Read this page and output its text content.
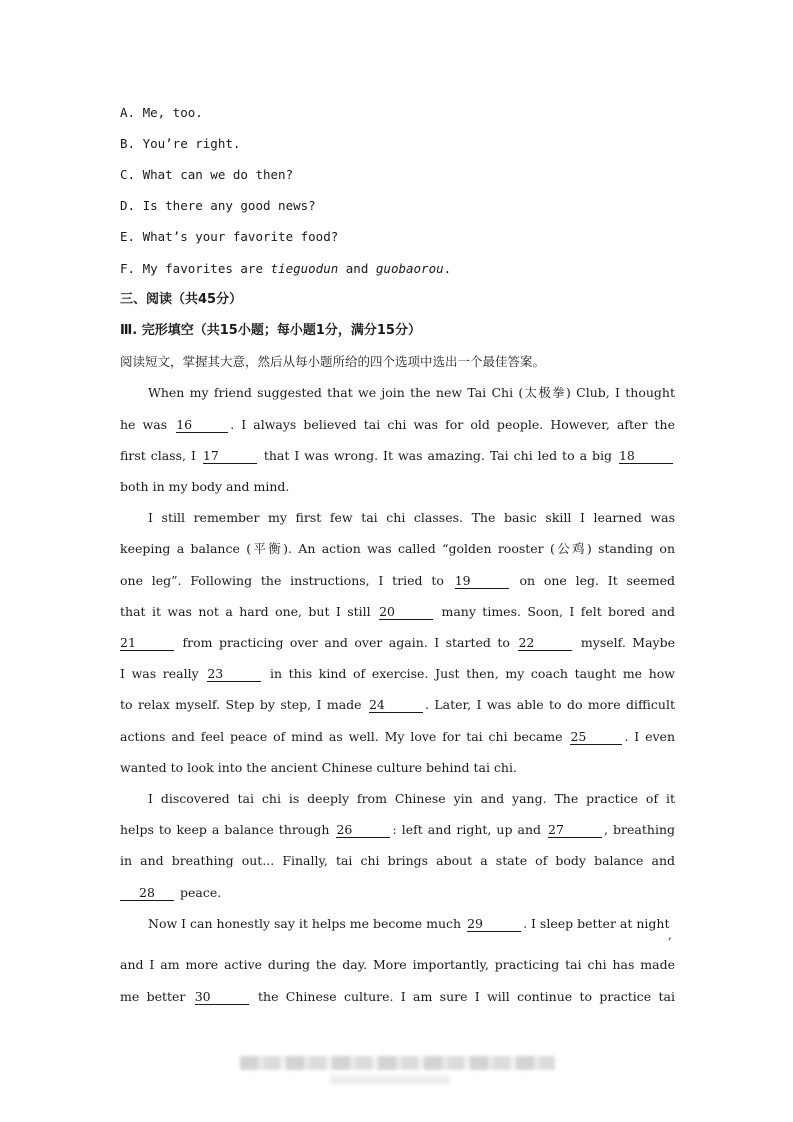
A. Me, too.
B. You’re right.
C. What can we do then?
D. Is there any good news?
E. What’s your favorite food?
F. My favorites are tieguodun and guobaorou.
三、阅读（共45分）
Ⅲ. 完形填空（共15小题；每小题1分，满分15分）
阅读短文，掌握其大意，然后从每小题所给的四个选项中选出一个最佳答案。
When my friend suggested that we join the new Tai Chi (太极拳) Club, I thought
he was 16	. I always believed tai chi was for old people. However, after the
first class, I 17	that I was wrong. It was amazing. Tai chi led to a big 18
both in my body and mind.
I still remember my first few tai chi classes. The basic skill I learned was
keeping a balance (平衡). An action was called “golden rooster (公鸡) standing on
one leg”. Following the instructions, I tried to 19	on one leg. It seemed
that it was not a hard one, but I still 20	many times. Soon, I felt bored and
21	from practicing over and over again. I started to 22	myself. Maybe
I was really 23	in this kind of exercise. Just then, my coach taught me how
to relax myself. Step by step, I made 24	. Later, I was able to do more difficult
actions and feel peace of mind as well. My love for tai chi became 25	. I even
wanted to look into the ancient Chinese culture behind tai chi.
I discovered tai chi is deeply from Chinese yin and yang. The practice of it
helps to keep a balance through 26	: left and right, up and 27	, breathing
in and breathing out... Finally, tai chi brings about a state of body balance and
28 peace.
Now I can honestly say it helps me become much 29	. I sleep better at night
,
and I am more active during the day. More importantly, practicing tai chi has made
me better 30	the Chinese culture. I am sure I will continue to practice tai
